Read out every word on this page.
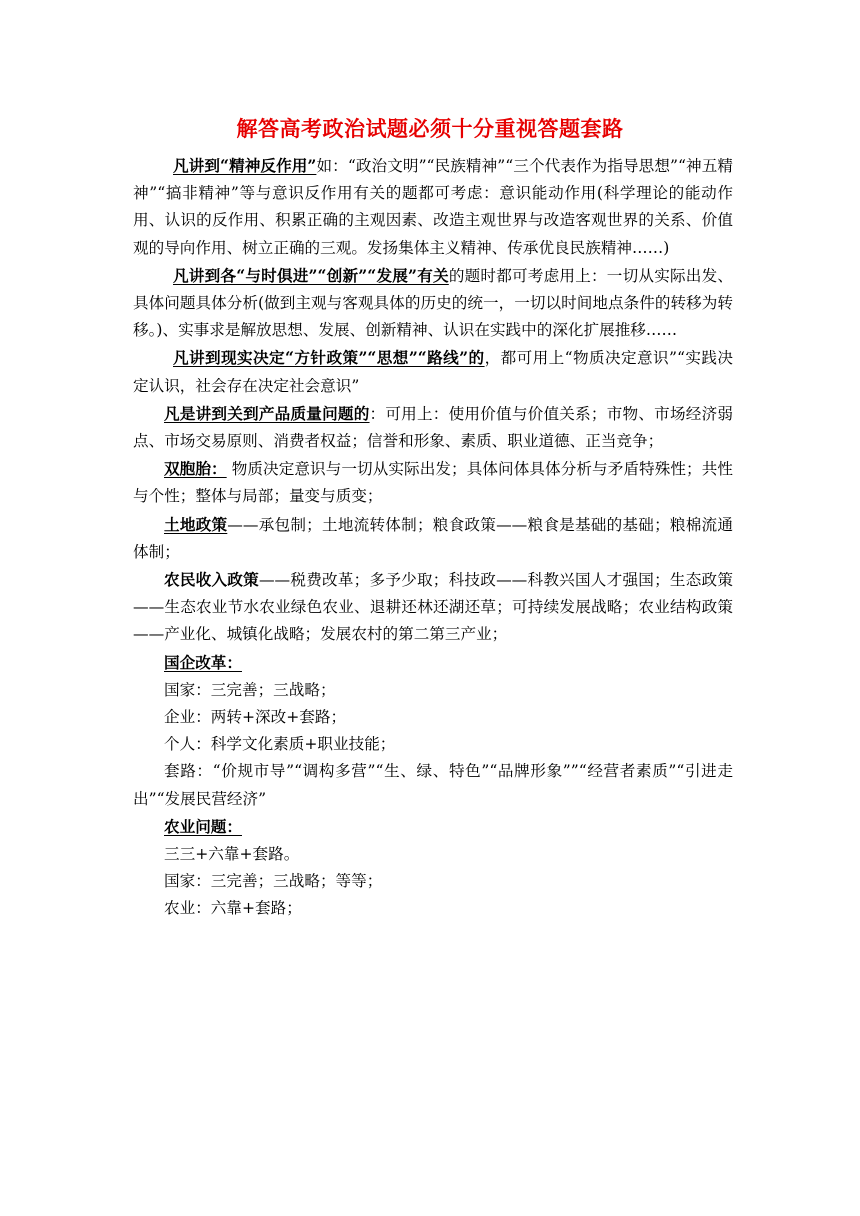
解答高考政治试题必须十分重视答题套路

凡讲到“精神反作用”如：“政治文明”“民族精神”“三个代表作为指导思想”“神五精神”“搞非精神”等与意识反作用有关的题都可考虑：意识能动作用(科学理论的能动作用、认识的反作用、积累正确的主观因素、改造主观世界与改造客观世界的关系、价值观的导向作用、树立正确的三观。发扬集体主义精神、传承优良民族精神……)

凡讲到各“与时俱进”“创新”“发展”有关的题时都可考虑用上：一切从实际出发、具体问题具体分析(做到主观与客观具体的历史的统一，一切以时间地点条件的转移为转移。)、实事求是解放思想、发展、创新精神、认识在实践中的深化扩展推移……

凡讲到现实决定“方针政策”“思想”“路线”的，都可用上“物质决定意识”“实践决定认识，社会存在决定社会意识”

凡是讲到关到产品质量问题的：可用上：使用价值与价值关系；市物、市场经济弱点、市场交易原则、消费者权益；信誉和形象、素质、职业道德、正当竞争；

双胞胎： 物质决定意识与一切从实际出发；具体问体具体分析与矛盾特殊性；共性与个性；整体与局部；量变与质变；

土地政策——承包制；土地流转体制；粮食政策——粮食是基础的基础；粮棉流通体制；

农民收入政策——税费改革；多予少取；科技政——科教兴国人才强国；生态政策——生态农业节水农业绿色农业、退耕还林还湖还草；可持续发展战略；农业结构政策——产业化、城镇化战略；发展农村的第二第三产业；

国企改革：

国家：三完善；三战略；

企业：两转+深改+套路；

个人：科学文化素质+职业技能；

套路：“价规市导”“调构多营”“生、绿、特色”“品牌形象””“经营者素质”“引进走出”“发展民营经济”

农业问题：

三三+六靠+套路。

国家：三完善；三战略；等等；

农业：六靠+套路；
